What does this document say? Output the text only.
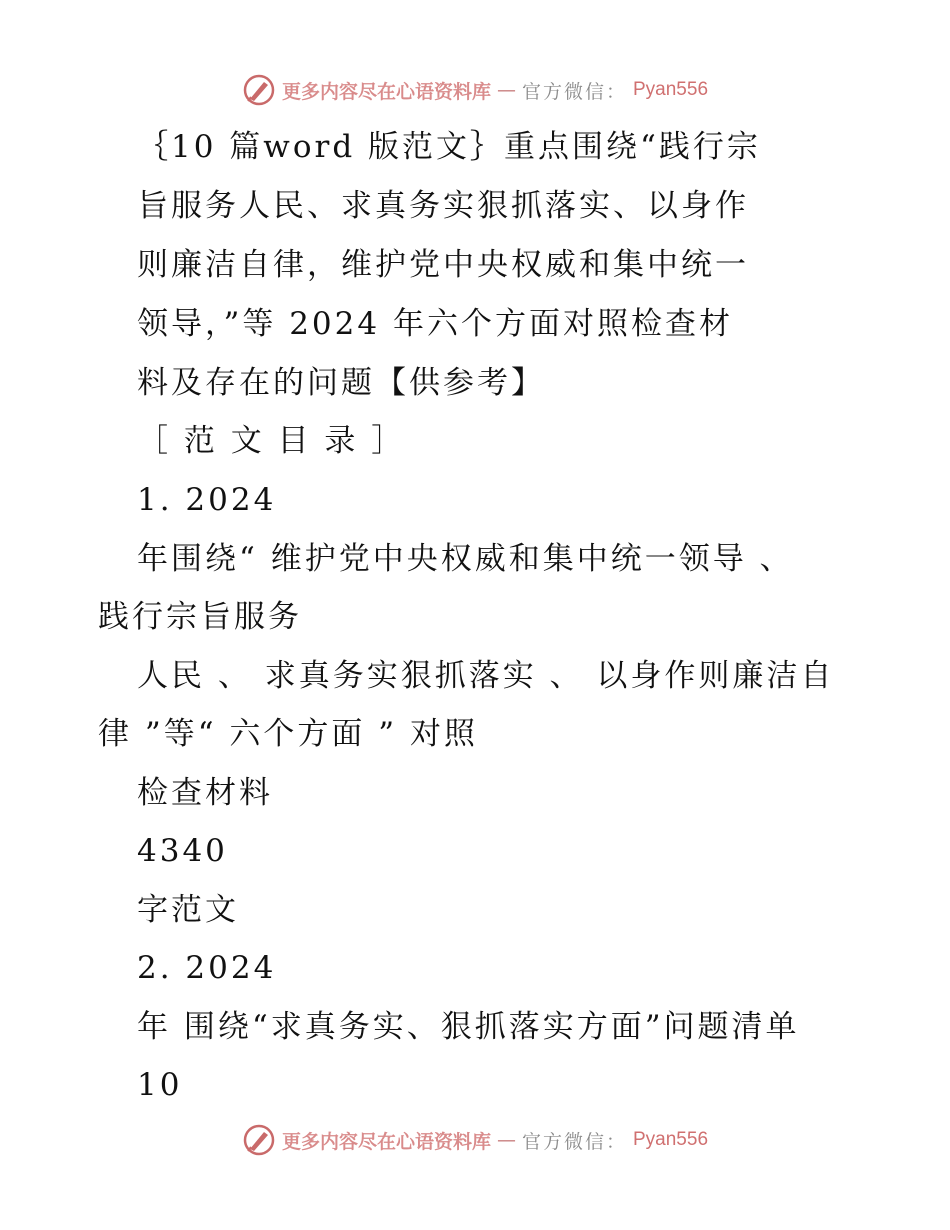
更多内容尽在心语资料库 — 官方微信： Pyan556
｛10 篇word 版范文｝重点围绕“践行宗
旨服务人民、求真务实狠抓落实、以身作
则廉洁自律，维护党中央权威和集中统一
领导，”等 2024 年六个方面对照检查材
料及存在的问题【供参考】
［ 范 文 目 录 ］
1. 2024
年围绕“ 维护党中央权威和集中统一领导 、
践行宗旨服务
人民 、 求真务实狠抓落实 、 以身作则廉洁自
律 ”等“ 六个方面 ” 对照
检查材料
4340
字范文
2. 2024
年 围绕“求真务实、狠抓落实方面”问题清单
10
更多内容尽在心语资料库 — 官方微信： Pyan556
